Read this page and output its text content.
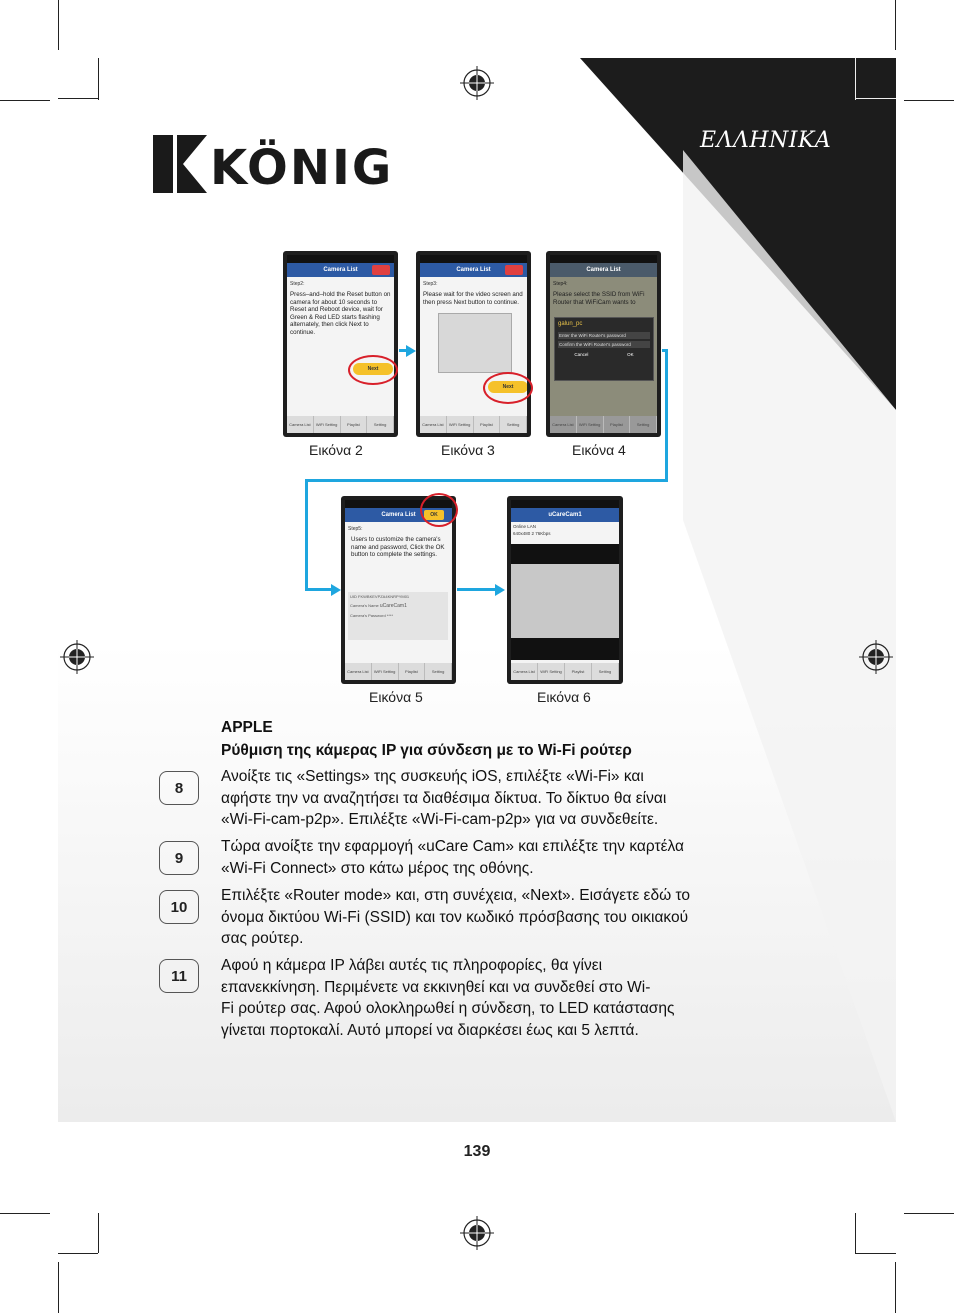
ΕΛΛΗΝΙΚΑ
KÖNIG
Camera List
Step2:
Press–and–hold the Reset button on camera for about 10 seconds to Reset and Reboot device, wait for Green & Red LED starts flashing alternately, then click Next to continue.
Next
Camera List	WiFi Setting	Playlist	Setting
Camera List
Step3:
Please wait for the video screen and then press Next button to continue.
Next
Camera List	WiFi Setting	Playlist	Setting
Camera List
Step4:
Please select the SSID from WiFi Router that WiFiCam wants to
galun_pc
Enter the WiFi Router's password
Confirm the WiFi Router's password
Cancel	OK
Camera List	WiFi Setting	Playlist	Setting
Εικόνα 2	Εικόνα 3	Εικόνα 4
Camera List	OK
Step5:
Users to customize the camera's name and password, Click the OK button to complete the settings.
UID FKWBKEVPZA4KNRPYM01
Camera's Name uCareCam1
Camera's Password ****
Camera List	WiFi Setting	Playlist	Setting
uCareCam1
Online LAN
640x480 2 76Kbps
Camera List	WiFi Setting	Playlist	Setting
Εικόνα 5	Εικόνα 6
APPLE
Ρύθμιση της κάμερας IP για σύνδεση με το Wi-Fi ρούτερ
8
Ανοίξτε τις «Settings» της συσκευής iOS, επιλέξτε «Wi-Fi» και
αφήστε την να αναζητήσει τα διαθέσιμα δίκτυα. Το δίκτυο θα είναι
«Wi-Fi-cam-p2p». Επιλέξτε «Wi-Fi-cam-p2p» για να συνδεθείτε.
9
Τώρα ανοίξτε την εφαρμογή «uCare Cam» και επιλέξτε την καρτέλα
«Wi-Fi Connect» στο κάτω μέρος της οθόνης.
10
Επιλέξτε «Router mode» και, στη συνέχεια, «Next». Εισάγετε εδώ το
όνομα δικτύου Wi-Fi (SSID) και τον κωδικό πρόσβασης του οικιακού
σας ρούτερ.
11
Αφού η κάμερα IP λάβει αυτές τις πληροφορίες, θα γίνει
επανεκκίνηση. Περιμένετε να εκκινηθεί και να συνδεθεί στο Wi-
Fi ρούτερ σας. Αφού ολοκληρωθεί η σύνδεση, το LED κατάστασης
γίνεται πορτοκαλί. Αυτό μπορεί να διαρκέσει έως και 5 λεπτά.
139
